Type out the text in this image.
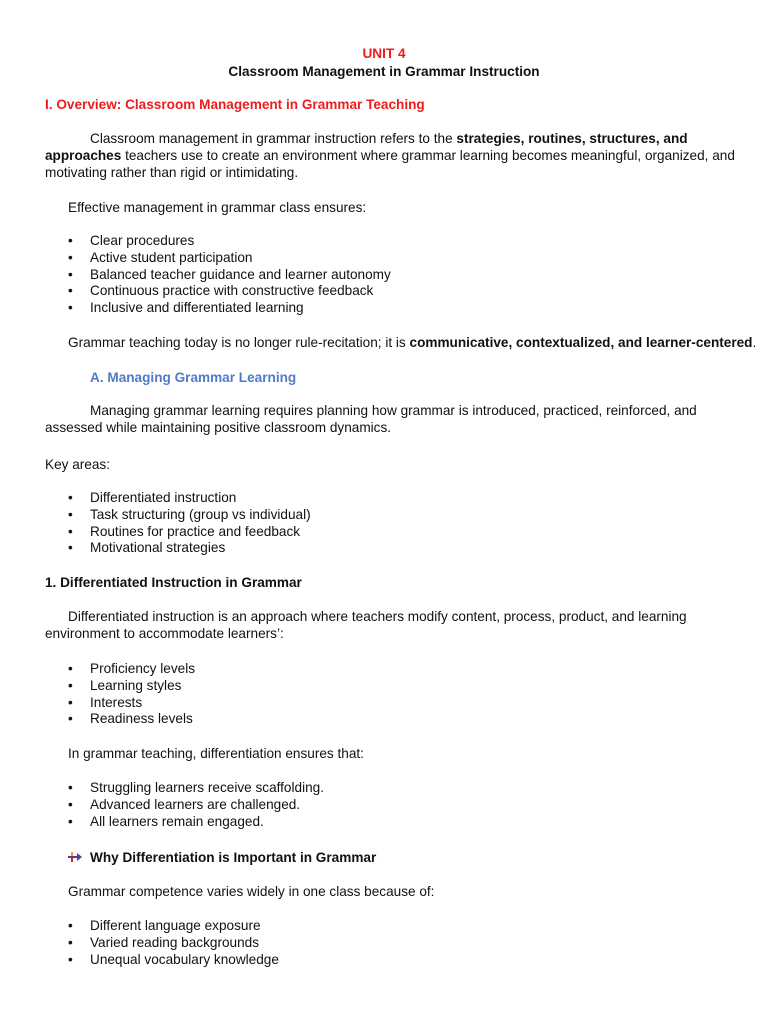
UNIT 4
Classroom Management in Grammar Instruction
I. Overview: Classroom Management in Grammar Teaching
Classroom management in grammar instruction refers to the strategies, routines, structures, and approaches teachers use to create an environment where grammar learning becomes meaningful, organized, and motivating rather than rigid or intimidating.
Effective management in grammar class ensures:
• Clear procedures
• Active student participation
• Balanced teacher guidance and learner autonomy
• Continuous practice with constructive feedback
• Inclusive and differentiated learning
Grammar teaching today is no longer rule-recitation; it is communicative, contextualized, and learner-centered.
A. Managing Grammar Learning
Managing grammar learning requires planning how grammar is introduced, practiced, reinforced, and assessed while maintaining positive classroom dynamics.
Key areas:
• Differentiated instruction
• Task structuring (group vs individual)
• Routines for practice and feedback
• Motivational strategies
1. Differentiated Instruction in Grammar
Differentiated instruction is an approach where teachers modify content, process, product, and learning environment to accommodate learners’:
• Proficiency levels
• Learning styles
• Interests
• Readiness levels
In grammar teaching, differentiation ensures that:
• Struggling learners receive scaffolding.
• Advanced learners are challenged.
• All learners remain engaged.
Why Differentiation is Important in Grammar
Grammar competence varies widely in one class because of:
• Different language exposure
• Varied reading backgrounds
• Unequal vocabulary knowledge
